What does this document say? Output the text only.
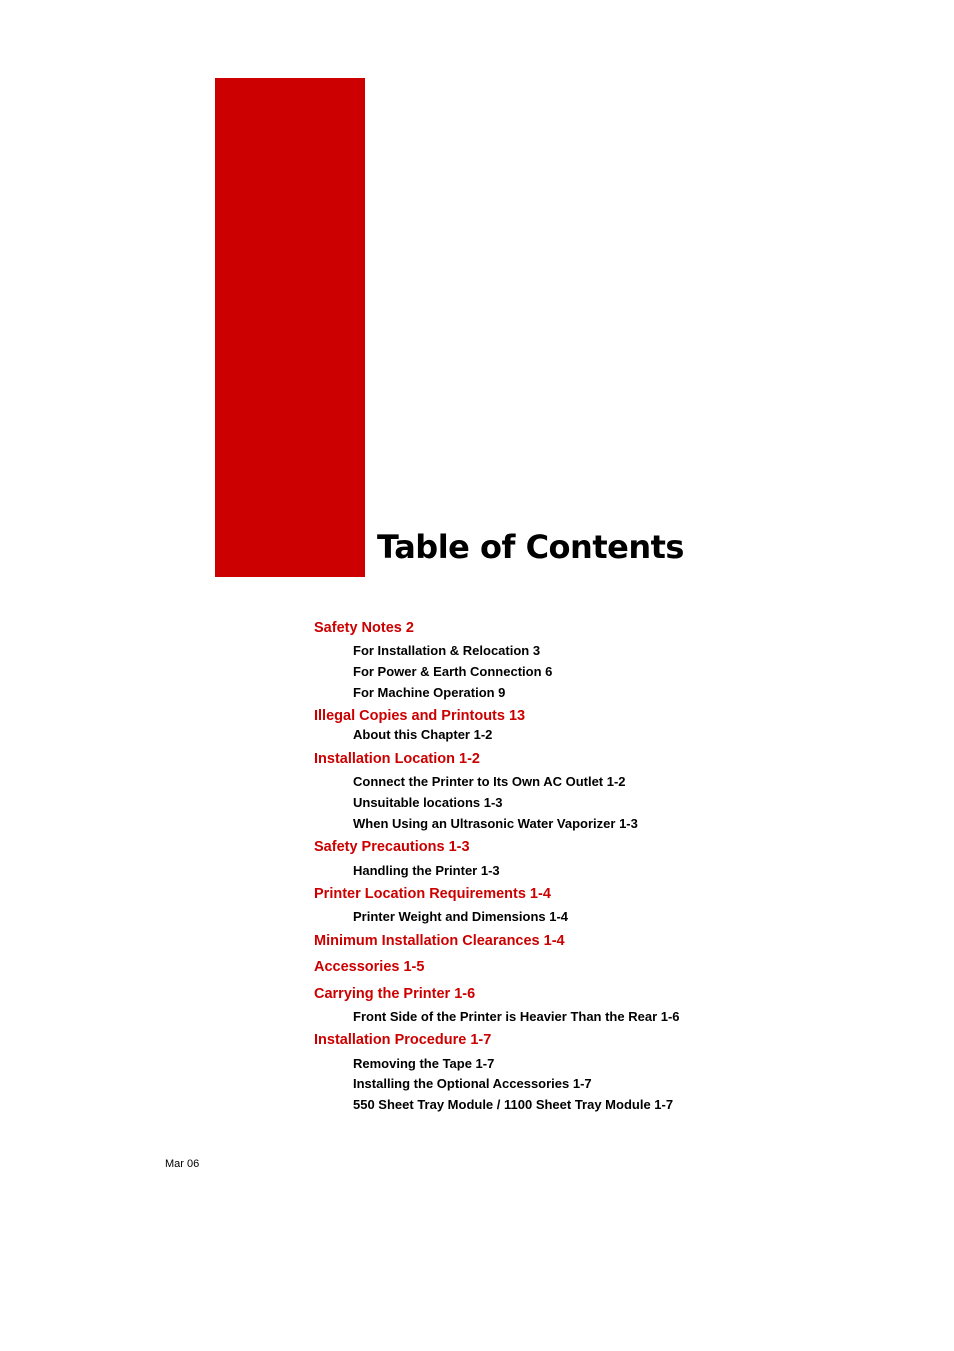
Table of Contents
Safety Notes 2
For Installation & Relocation 3
For Power & Earth Connection 6
For Machine Operation 9
Illegal Copies and Printouts 13
About this Chapter 1-2
Installation Location 1-2
Connect the Printer to Its Own AC Outlet 1-2
Unsuitable locations 1-3
When Using an Ultrasonic Water Vaporizer 1-3
Safety Precautions 1-3
Handling the Printer 1-3
Printer Location Requirements 1-4
Printer Weight and Dimensions 1-4
Minimum Installation Clearances 1-4
Accessories 1-5
Carrying the Printer 1-6
Front Side of the Printer is Heavier Than the Rear 1-6
Installation Procedure 1-7
Removing the Tape 1-7
Installing the Optional Accessories 1-7
550 Sheet Tray Module / 1100 Sheet Tray Module 1-7
Mar 06
